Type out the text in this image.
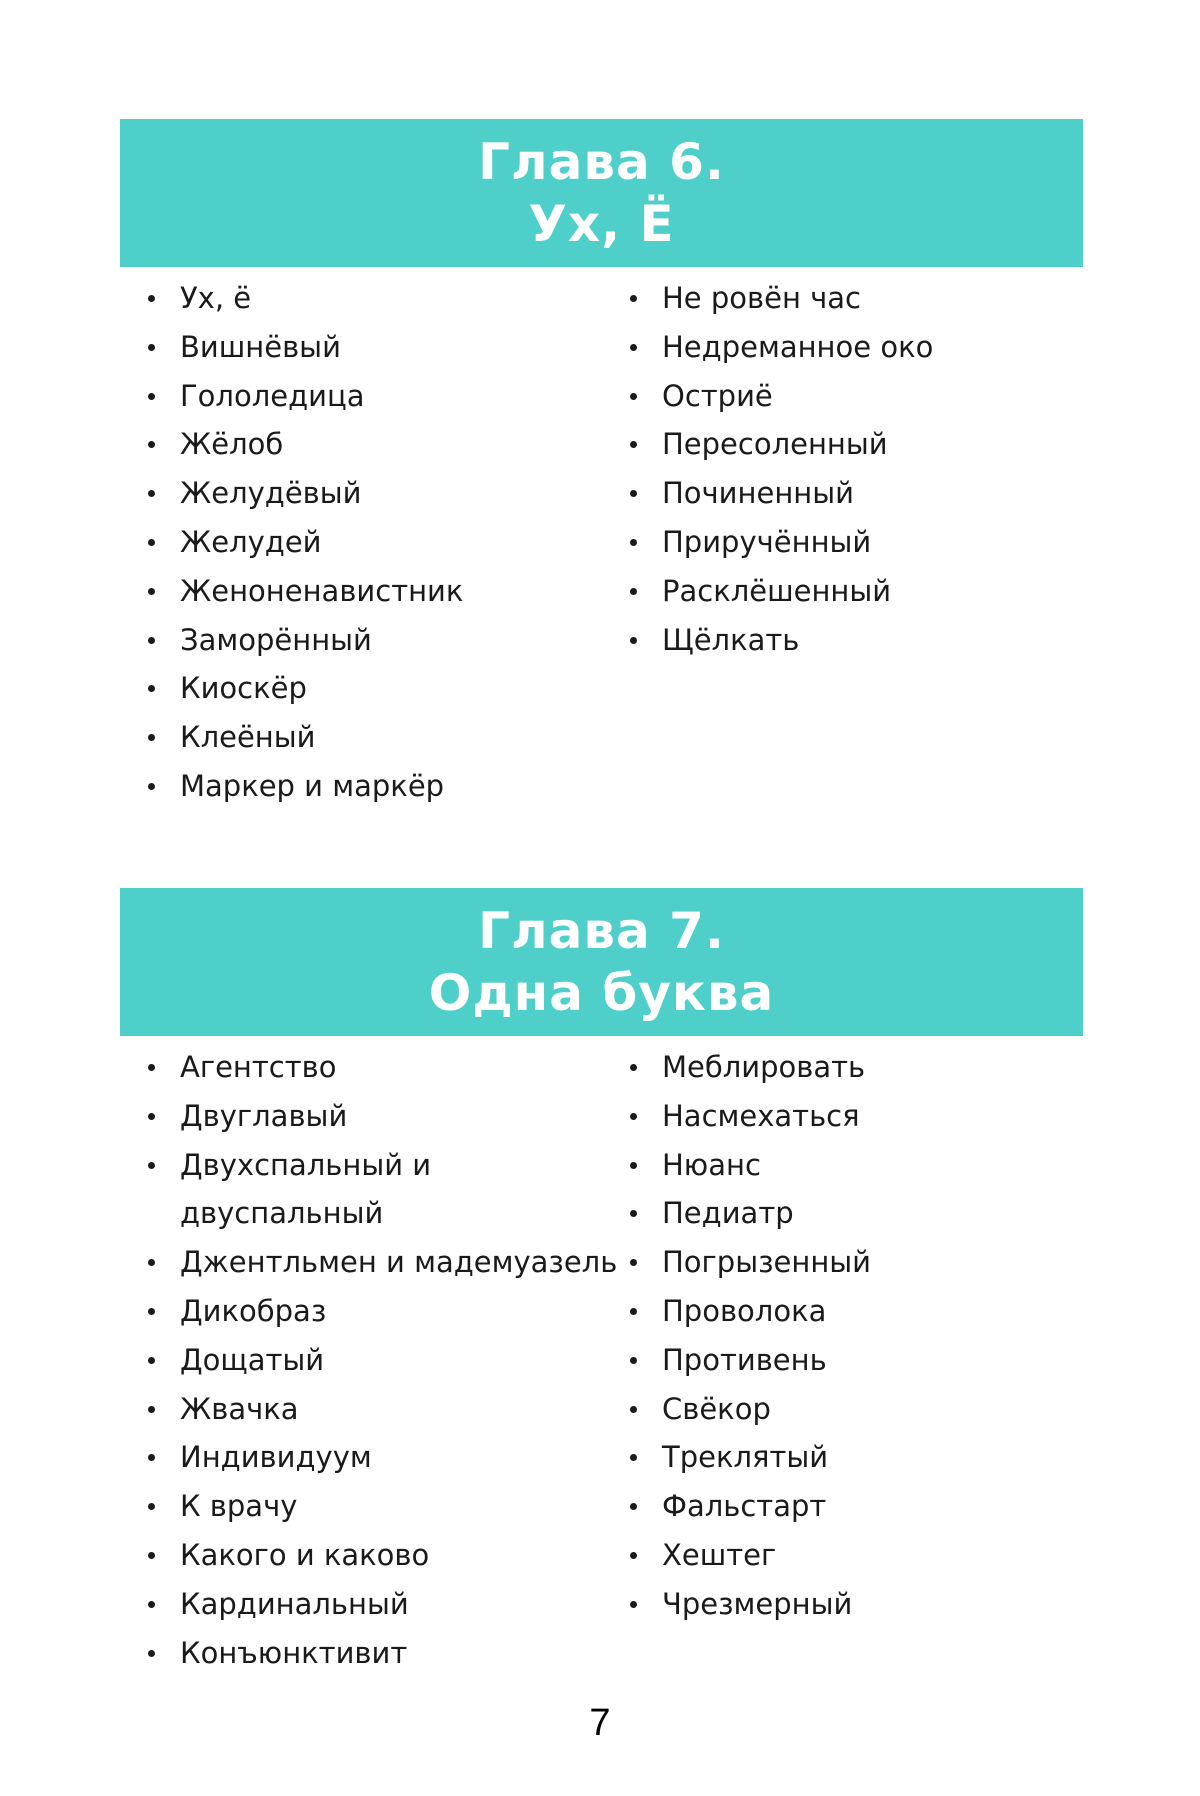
Глава 6.
Ух, Ё
Ух, ё
Вишнёвый
Гололедица
Жёлоб
Желудёвый
Желудей
Женоненавистник
Заморённый
Киоскёр
Клеёный
Маркер и маркёр
Не ровён час
Недреманное око
Остриё
Пересоленный
Починенный
Приручённый
Расклёшенный
Щёлкать
Глава 7.
Одна буква
Агентство
Двуглавый
Двухспальный и двуспальный
Джентльмен и мадемуазель
Дикобраз
Дощатый
Жвачка
Индивидуум
К врачу
Какого и каково
Кардинальный
Конъюнктивит
Меблировать
Насмехаться
Нюанс
Педиатр
Погрызенный
Проволока
Противень
Свёкор
Треклятый
Фальстарт
Хештег
Чрезмерный
7
